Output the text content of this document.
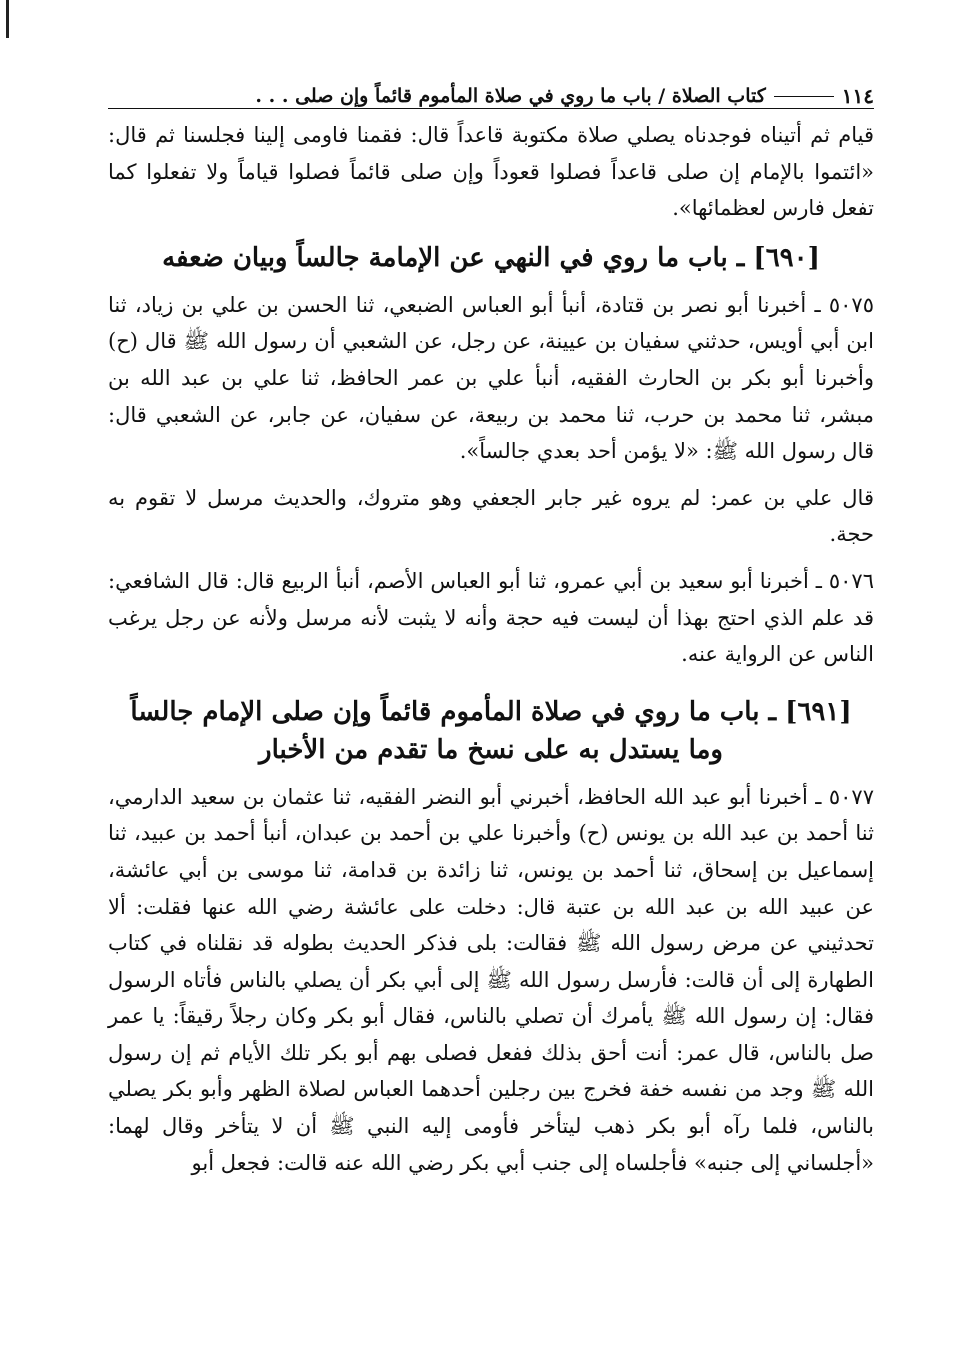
١١٤
كتاب الصلاة / باب ما روي في صلاة المأموم قائماً وإن صلى . . .

قيام ثم أتيناه فوجدناه يصلي صلاة مكتوبة قاعداً قال: فقمنا فاومى إلينا فجلسنا ثم قال: «ائتموا بالإمام إن صلى قاعداً فصلوا قعوداً وإن صلى قائماً فصلوا قياماً ولا تفعلوا كما تفعل فارس لعظمائها».

[٦٩٠] ـ باب ما روي في النهي عن الإمامة جالساً وبيان ضعفه

٥٠٧٥ ـ أخبرنا أبو نصر بن قتادة، أنبأ أبو العباس الضبعي، ثنا الحسن بن علي بن زياد، ثنا ابن أبي أويس، حدثني سفيان بن عيينة، عن رجل، عن الشعبي أن رسول الله ﷺ قال (ح) وأخبرنا أبو بكر بن الحارث الفقيه، أنبأ علي بن عمر الحافظ، ثنا علي بن عبد الله بن مبشر، ثنا محمد بن حرب، ثنا محمد بن ربيعة، عن سفيان، عن جابر، عن الشعبي قال: قال رسول الله ﷺ: «لا يؤمن أحد بعدي جالساً».

قال علي بن عمر: لم يروه غير جابر الجعفي وهو متروك، والحديث مرسل لا تقوم به حجة.

٥٠٧٦ ـ أخبرنا أبو سعيد بن أبي عمرو، ثنا أبو العباس الأصم، أنبأ الربيع قال: قال الشافعي: قد علم الذي احتج بهذا أن ليست فيه حجة وأنه لا يثبت لأنه مرسل ولأنه عن رجل يرغب الناس عن الرواية عنه.

[٦٩١] ـ باب ما روي في صلاة المأموم قائماً وإن صلى الإمام جالساً
وما يستدل به على نسخ ما تقدم من الأخبار

٥٠٧٧ ـ أخبرنا أبو عبد الله الحافظ، أخبرني أبو النضر الفقيه، ثنا عثمان بن سعيد الدارمي، ثنا أحمد بن عبد الله بن يونس (ح) وأخبرنا علي بن أحمد بن عبدان، أنبأ أحمد بن عبيد، ثنا إسماعيل بن إسحاق، ثنا أحمد بن يونس، ثنا زائدة بن قدامة، ثنا موسى بن أبي عائشة، عن عبيد الله بن عبد الله بن عتبة قال: دخلت على عائشة رضي الله عنها فقلت: ألا تحدثيني عن مرض رسول الله ﷺ فقالت: بلى فذكر الحديث بطوله قد نقلناه في كتاب الطهارة إلى أن قالت: فأرسل رسول الله ﷺ إلى أبي بكر أن يصلي بالناس فأتاه الرسول فقال: إن رسول الله ﷺ يأمرك أن تصلي بالناس، فقال أبو بكر وكان رجلاً رقيقاً: يا عمر صل بالناس، قال عمر: أنت أحق بذلك ففعل فصلى بهم أبو بكر تلك الأيام ثم إن رسول الله ﷺ وجد من نفسه خفة فخرج بين رجلين أحدهما العباس لصلاة الظهر وأبو بكر يصلي بالناس، فلما رآه أبو بكر ذهب ليتأخر فأومى إليه النبي ﷺ أن لا يتأخر وقال لهما: «أجلساني إلى جنبه» فأجلساه إلى جنب أبي بكر رضي الله عنه قالت: فجعل أبو
